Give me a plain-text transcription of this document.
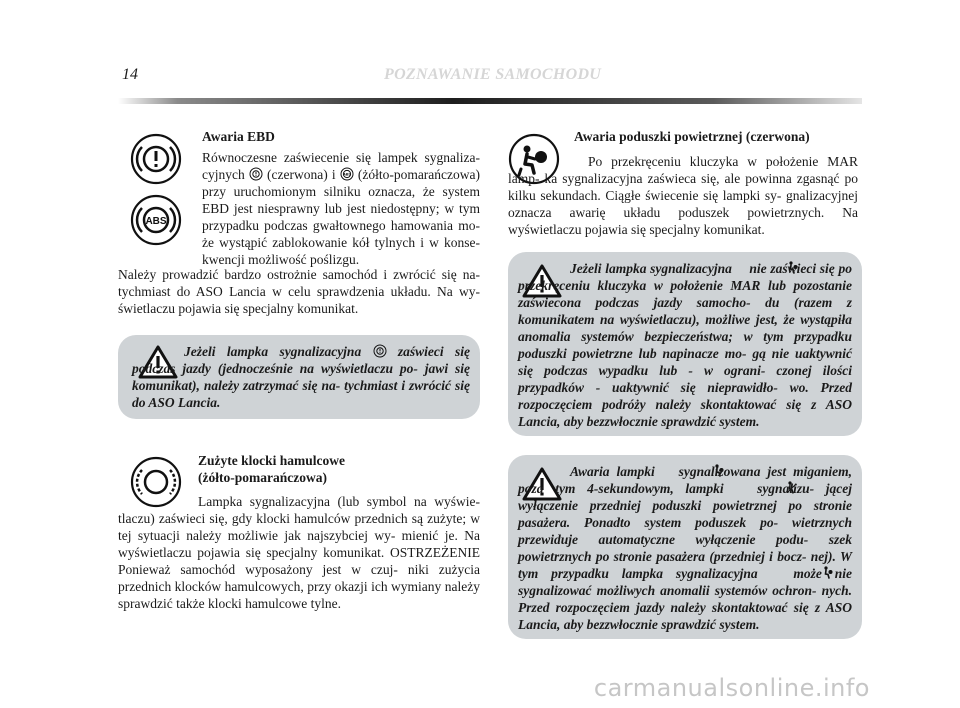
14	POZNAWANIE SAMOCHODU
ABS
Awaria EBD
Równoczesne zaświecenie się lampek sygnaliza- cyjnych (czerwona) i ABS (żółto-pomarańczowa) przy uruchomionym silniku oznacza, że system EBD jest niesprawny lub jest niedostępny; w tym przypadku podczas gwałtownego hamowania mo- że wystąpić zablokowanie kół tylnych i w konse- kwencji możliwość poślizgu.
Należy prowadzić bardzo ostrożnie samochód i zwrócić się na- tychmiast do ASO Lancia w celu sprawdzenia układu. Na wy- świetlaczu pojawia się specjalny komunikat.
Jeżeli lampka sygnalizacyjna	zaświeci się podczas jazdy (jednocześnie na wyświetlaczu po- jawi się komunikat), należy zatrzymać się na- tychmiast i zwrócić się do ASO Lancia.
Zużyte klocki hamulcowe
(żółto-pomarańczowa)
Lampka sygnalizacyjna (lub symbol na wyświe- tlaczu) zaświeci się, gdy klocki hamulców przednich są zużyte; w tej sytuacji należy możliwie jak najszybciej wy- mienić je. Na wyświetlaczu pojawia się specjalny komunikat. OSTRZEŻENIE Ponieważ samochód wyposażony jest w czuj- niki zużycia przednich klocków hamulcowych, przy okazji ich wymiany należy sprawdzić także klocki hamulcowe tylne.
Awaria poduszki powietrznej (czerwona)
Po przekręceniu kluczyka w położenie MAR lamp- ka sygnalizacyjna zaświeca się, ale powinna zgasnąć po kilku sekundach. Ciągłe świecenie się lampki sy- gnalizacyjnej oznacza awarię układu poduszek powietrznych. Na wyświetlaczu pojawia się specjalny komunikat.
Jeżeli lampka sygnalizacyjna nie zaświeci się po przekręceniu kluczyka w położenie MAR lub pozostanie zaświecona podczas jazdy samocho- du (razem z komunikatem na wyświetlaczu), możliwe jest, że wystąpiła anomalia systemów bezpieczeństwa; w tym przypadku poduszki powietrzne lub napinacze mo- gą nie uaktywnić się podczas wypadku lub - w ograni- czonej ilości przypadków - uaktywnić się nieprawidło- wo. Przed rozpoczęciem podróży należy skontaktować się z ASO Lancia, aby bezzwłocznie sprawdzić system.
Awaria lampki sygnalizowana jest miganiem, poza tym 4-sekundowym, lampki sygnalizu- jącej wyłączenie przedniej poduszki powietrznej po stronie pasażera. Ponadto system poduszek po- wietrznych przewiduje automatyczne wyłączenie podu- szek powietrznych po stronie pasażera (przedniej i bocz- nej). W tym przypadku lampka sygnalizacyjna	może nie sygnalizować możliwych anomalii systemów ochron- nych. Przed rozpoczęciem jazdy należy skontaktować się z ASO Lancia, aby bezzwłocznie sprawdzić system.
carmanualsonline.info
